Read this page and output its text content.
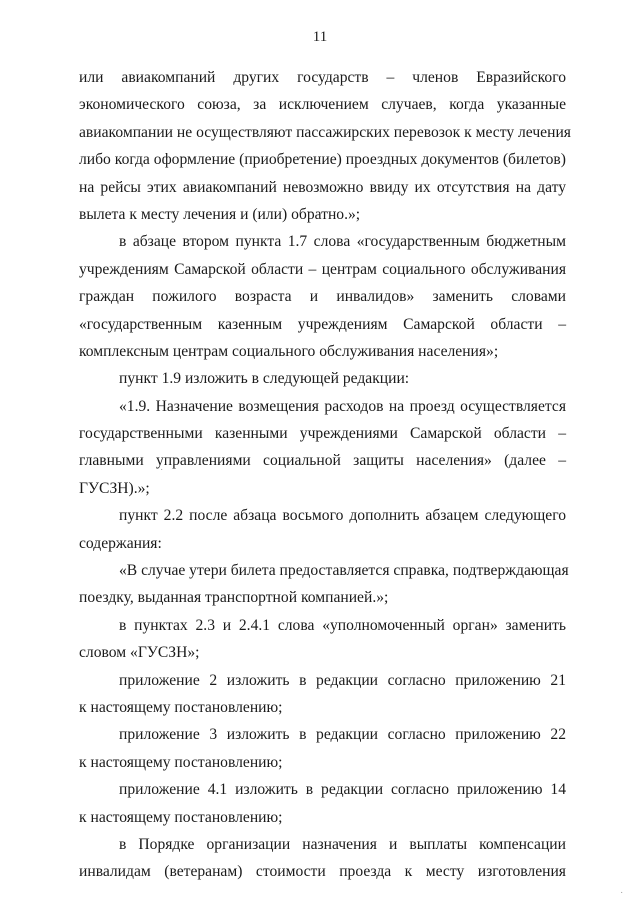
11
или авиакомпаний других государств – членов Евразийского
экономического союза, за исключением случаев, когда указанные
авиакомпании не осуществляют пассажирских перевозок к месту лечения
либо когда оформление (приобретение) проездных документов (билетов)
на рейсы этих авиакомпаний невозможно ввиду их отсутствия на дату
вылета к месту лечения и (или) обратно.»;
в абзаце втором пункта 1.7 слова «государственным бюджетным
учреждениям Самарской области – центрам социального обслуживания
граждан пожилого возраста и инвалидов» заменить словами
«государственным казенным учреждениям Самарской области –
комплексным центрам социального обслуживания населения»;
пункт 1.9 изложить в следующей редакции:
«1.9. Назначение возмещения расходов на проезд осуществляется
государственными казенными учреждениями Самарской области –
главными управлениями социальной защиты населения» (далее –
ГУСЗН).»;
пункт 2.2 после абзаца восьмого дополнить абзацем следующего
содержания:
«В случае утери билета предоставляется справка, подтверждающая
поездку, выданная транспортной компанией.»;
в пунктах 2.3 и 2.4.1 слова «уполномоченный орган» заменить
словом «ГУСЗН»;
приложение 2 изложить в редакции согласно приложению 21
к настоящему постановлению;
приложение 3 изложить в редакции согласно приложению 22
к настоящему постановлению;
приложение 4.1 изложить в редакции согласно приложению 14
к настоящему постановлению;
в Порядке организации назначения и выплаты компенсации
инвалидам (ветеранам) стоимости проезда к месту изготовления
˙
˙
